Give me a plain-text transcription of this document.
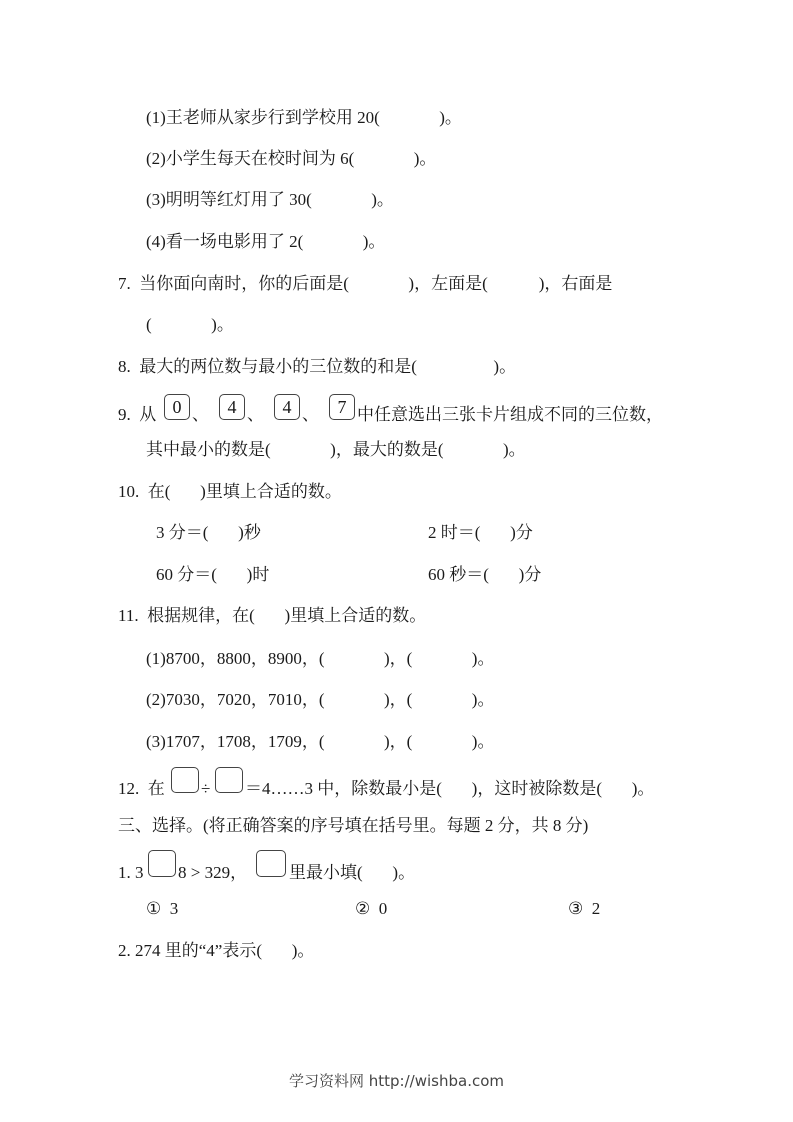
(1)王老师从家步行到学校用 20(              )。
(2)小学生每天在校时间为 6(              )。
(3)明明等红灯用了 30(              )。
(4)看一场电影用了 2(              )。
7.  当你面向南时，你的后面是(              )，左面是(            )，右面是
(              )。
8.  最大的两位数与最小的三位数的和是(                  )。
9.  从 0 、	4 、	4 、	7 中任意选出三张卡片组成不同的三位数，
其中最小的数是(              )，最大的数是(              )。
10.  在(       )里填上合适的数。
3 分＝(       )秒	2 时＝(       )分
60 分＝(       )时	60 秒＝(       )分
11.  根据规律，在(       )里填上合适的数。
(1)8700，8800，8900，(              )，(              )。
(2)7030，7020，7010，(              )，(              )。
(3)1707，1708，1709，(              )，(              )。
12.  在 ÷ ＝4……3 中，除数最小是(       )，这时被除数是(       )。
三、选择。(将正确答案的序号填在括号里。每题 2 分，共 8 分)
1. 3 8 > 329， 里最小填(       )。
①  3	②  0	③  2
2. 274 里的“4”表示(       )。
学习资料网 http://wishba.com
